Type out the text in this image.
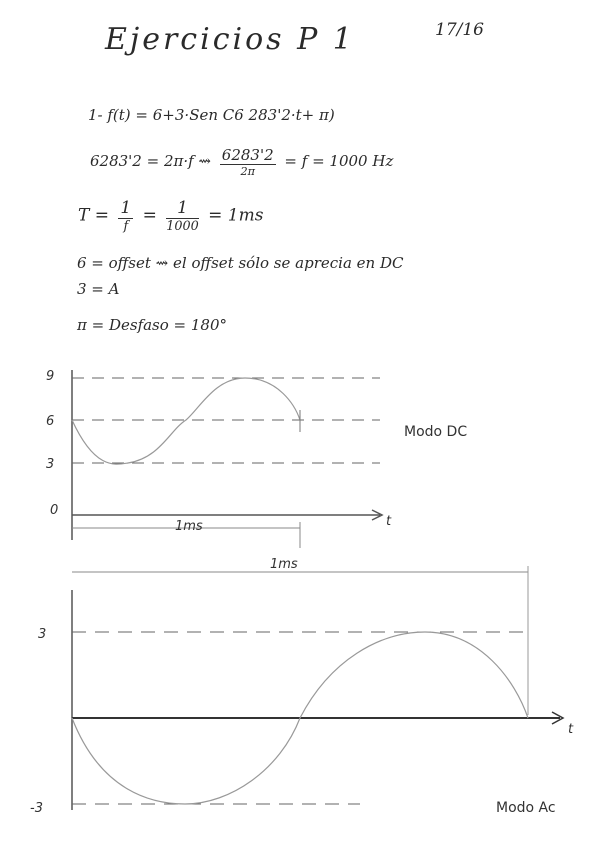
Ejercicios P 1	17/16
1- f(t) = 6+3·Sen C6 283'2·t+ π)
6283'2 = 2π·f ⇝ $\frac{6283'2}{2\pi} = f = 1000$ Hz
$T = \frac{1}{f} = \frac{1}{1000} = 1ms$
6 = offset ⇝ el offset sólo se aprecia en DC
3 = A
π = Desfaso = 180°
9
6
3
0
t
1ms
Modo DC
3
-3
t
1ms
Modo Ac
